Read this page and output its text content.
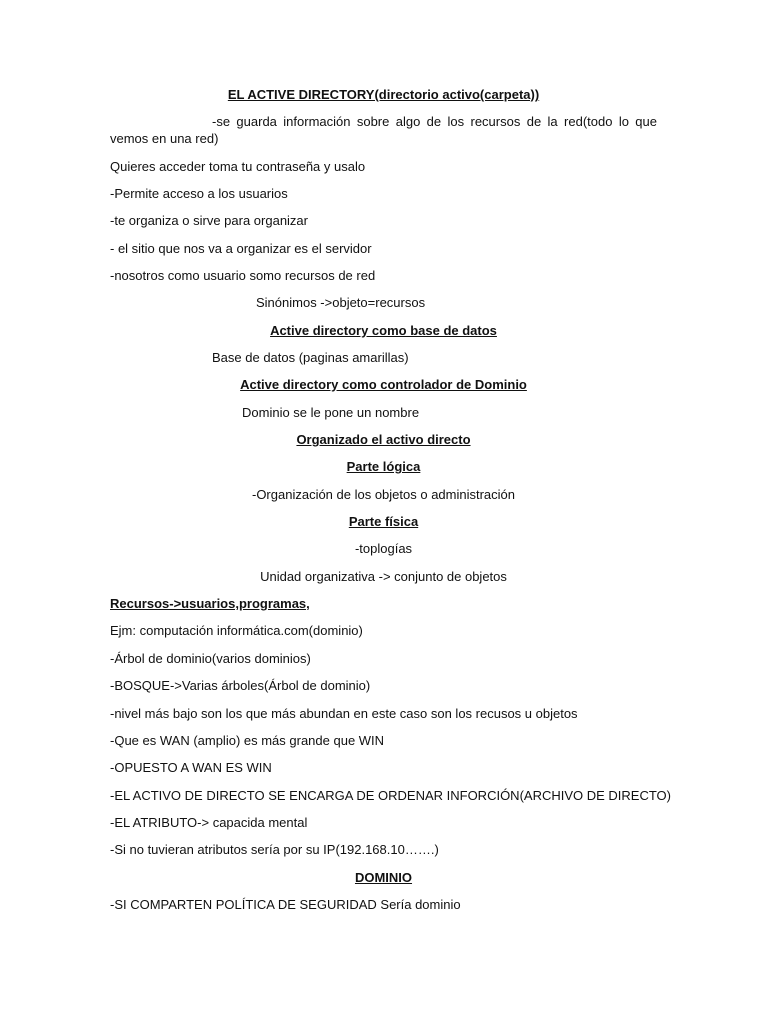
EL ACTIVE DIRECTORY(directorio activo(carpeta))
-se guarda información sobre algo de los recursos de la red(todo lo que vemos en una red)
Quieres acceder toma tu contraseña y usalo
-Permite acceso a los usuarios
-te organiza o sirve para organizar
- el sitio que nos va a organizar es el servidor
-nosotros como usuario somo recursos de red
Sinónimos ->objeto=recursos
Active directory como base de datos
Base de datos (paginas amarillas)
Active directory como controlador de Dominio
Dominio se le pone un nombre
Organizado el activo directo
Parte lógica
-Organización de los objetos o administración
Parte física
-toplogías
Unidad organizativa -> conjunto de objetos
Recursos->usuarios,programas,
Ejm: computación informática.com(dominio)
-Árbol de dominio(varios dominios)
-BOSQUE->Varias árboles(Árbol de dominio)
-nivel más bajo son los que más abundan en este caso son los recusos u objetos
-Que es WAN (amplio) es más grande que WIN
-OPUESTO A WAN ES WIN
-EL ACTIVO DE DIRECTO SE ENCARGA DE ORDENAR INFORCIÓN(ARCHIVO DE DIRECTO)
-EL ATRIBUTO-> capacida mental
-Si no tuvieran atributos sería por su IP(192.168.10…….)
DOMINIO
-SI COMPARTEN POLÍTICA DE SEGURIDAD Sería dominio
